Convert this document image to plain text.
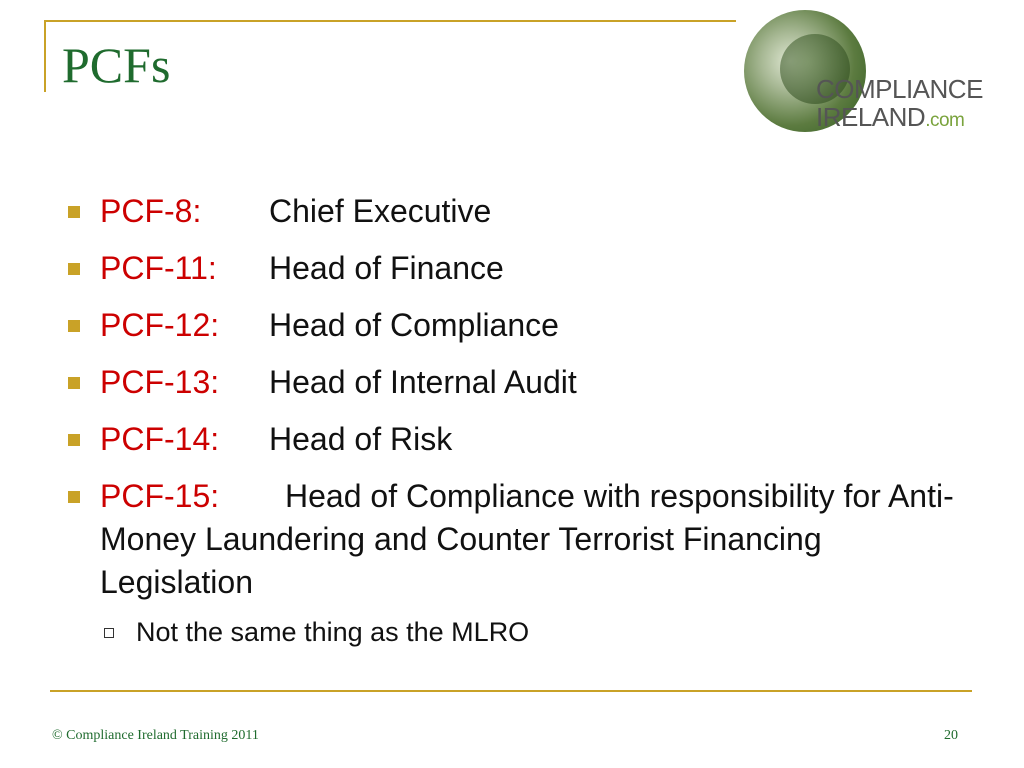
PCFs	COMPLIANCE
IRELAND.com
PCF-8: Chief Executive
PCF-11: Head of Finance
PCF-12: Head of Compliance
PCF-13: Head of Internal Audit
PCF-14: Head of Risk
PCF-15: Head of Compliance with responsibility for Anti-Money Laundering and Counter Terrorist Financing Legislation
Not the same thing as the MLRO
© Compliance Ireland Training 2011	20
